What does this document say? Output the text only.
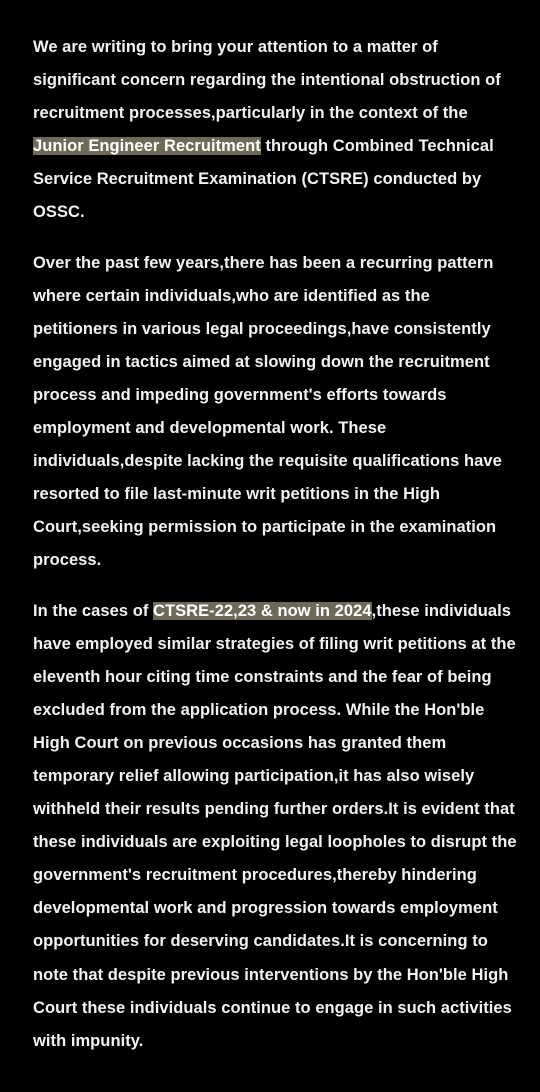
We are writing to bring your attention to a matter of significant concern regarding the intentional obstruction of recruitment processes,particularly in the context of the Junior Engineer Recruitment through Combined Technical Service Recruitment Examination (CTSRE) conducted by OSSC.

Over the past few years,there has been a recurring pattern where certain individuals,who are identified as the petitioners in various legal proceedings,have consistently engaged in tactics aimed at slowing down the recruitment process and impeding government's efforts towards employment and developmental work. These individuals,despite lacking the requisite qualifications have resorted to file last-minute writ petitions in the High Court,seeking permission to participate in the examination process.

In the cases of CTSRE-22,23 & now in 2024,these individuals have employed similar strategies of filing writ petitions at the eleventh hour citing time constraints and the fear of being excluded from the application process. While the Hon'ble High Court on previous occasions has granted them temporary relief allowing participation,it has also wisely withheld their results pending further orders.It is evident that these individuals are exploiting legal loopholes to disrupt the government's recruitment procedures,thereby hindering developmental work and progression towards employment opportunities for deserving candidates.It is concerning to note that despite previous interventions by the Hon'ble High Court these individuals continue to engage in such activities with impunity.
